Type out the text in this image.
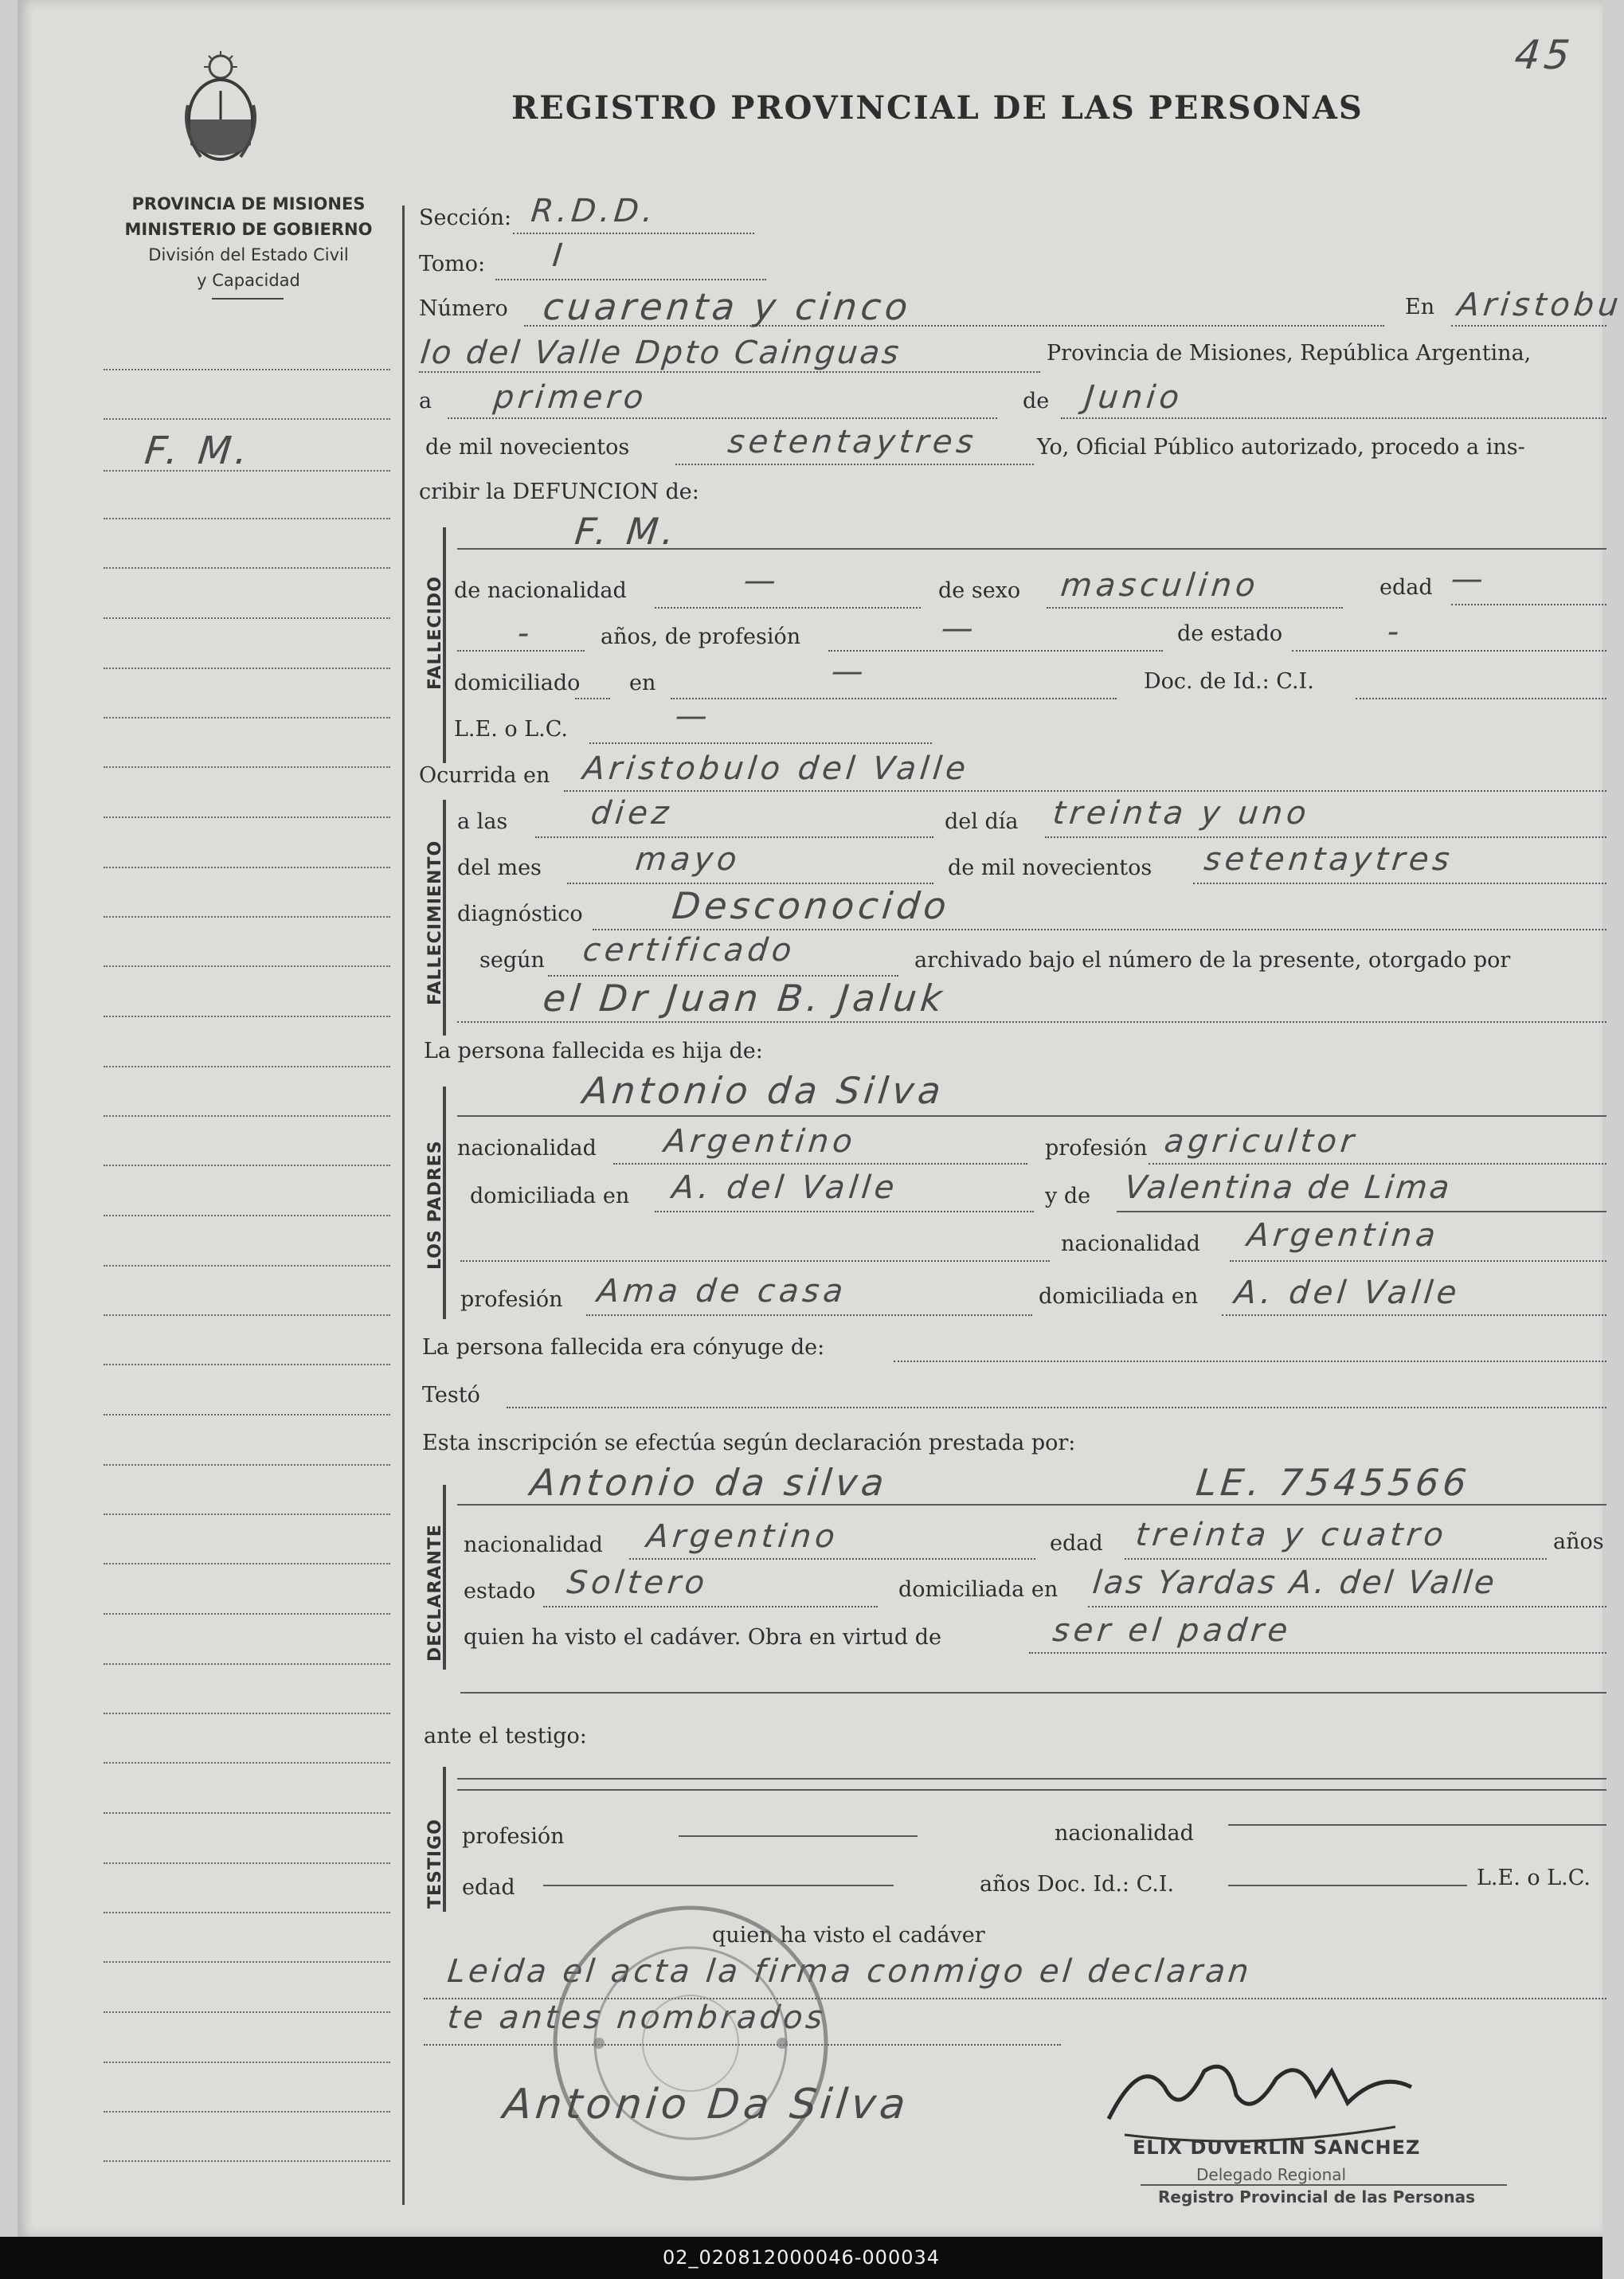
45
REGISTRO PROVINCIAL DE LAS PERSONAS
PROVINCIA DE MISIONES
MINISTERIO DE GOBIERNO
División del Estado Civil
y Capacidad
F. M.
Sección: R.D.D.
Tomo: I
Número cuarenta y cinco	En Aristobu
lo del Valle Dpto Cainguas	Provincia de Misiones, República Argentina,
a primero	de Junio
de mil novecientos	setentaytres	Yo, Oficial Público autorizado, procedo a ins-
cribir la DEFUNCION de:
FALLECIDO
F. M.
de nacionalidad	—	de sexo masculino	edad —
-	años, de profesión	—	de estado	-
domiciliado en	—	Doc. de Id.: C.I.
L.E. o L.C.	—
Ocurrida en Aristobulo del Valle
FALLECIMIENTO
a las	diez	del día treinta y uno
del mes	mayo	de mil novecientos setentaytres
diagnóstico Desconocido
según certificado	archivado bajo el número de la presente, otorgado por
el Dr Juan B. Jaluk
La persona fallecida es hija de:
LOS PADRES
Antonio da Silva
nacionalidad Argentino	profesión agricultor
domiciliada en A. del Valle	y de Valentina de Lima
nacionalidad Argentina
profesión Ama de casa	domiciliada en A. del Valle
La persona fallecida era cónyuge de:
Testó
Esta inscripción se efectúa según declaración prestada por:
DECLARANTE
Antonio da silva	LE. 7545566
nacionalidad Argentino	edad treinta y cuatro	años
estado Soltero	domiciliada en las Yardas A. del Valle
quien ha visto el cadáver. Obra en virtud de	ser el padre
ante el testigo:
TESTIGO profesión	nacionalidad
edad	años Doc. Id.: C.I.	L.E. o L.C.
quien ha visto el cadáver
Leida el acta la firma conmigo el declaran
te antes nombrados
Antonio Da Silva
ELIX DUVERLIN SANCHEZ
Delegado Regional
Registro Provincial de las Personas
02_020812000046-000034
